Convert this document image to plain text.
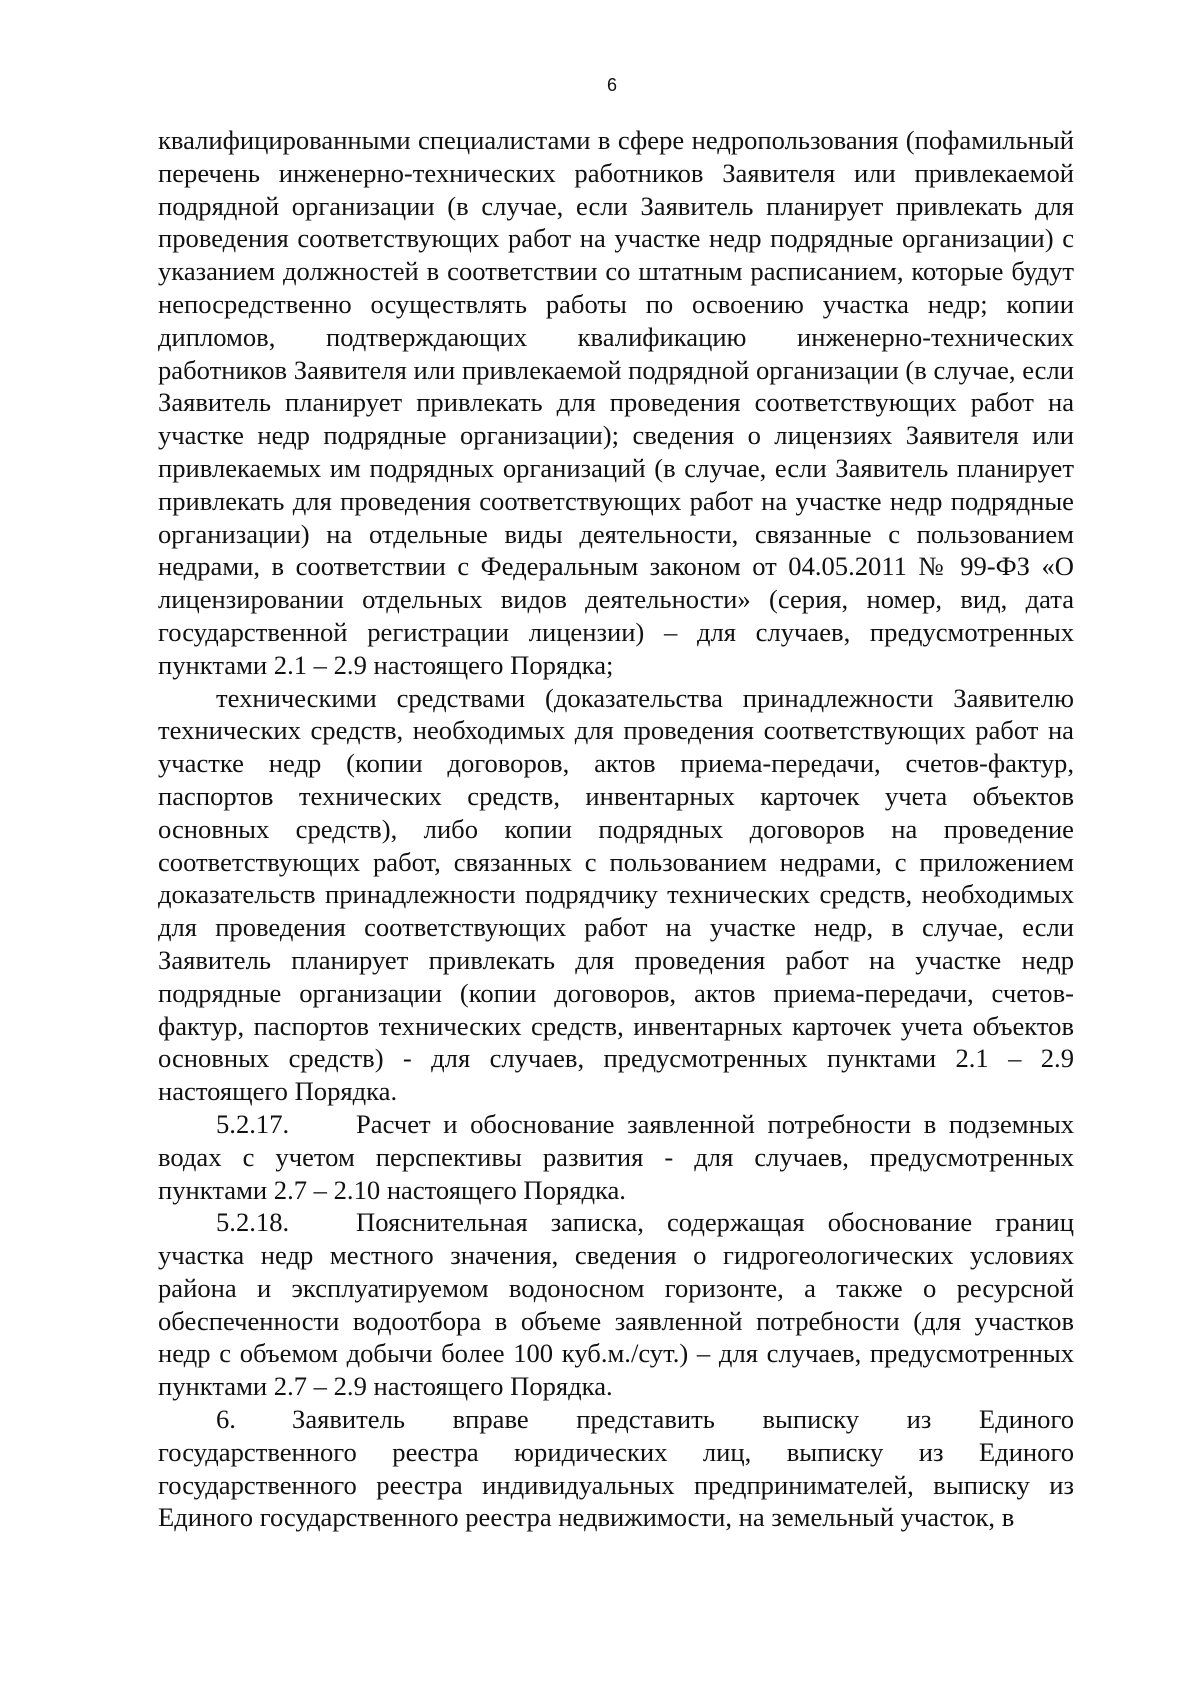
6

квалифицированными специалистами в сфере недропользования (пофамильный перечень инженерно-технических работников Заявителя или привлекаемой подрядной организации (в случае, если Заявитель планирует привлекать для проведения соответствующих работ на участке недр подрядные организации) с указанием должностей в соответствии со штатным расписанием, которые будут непосредственно осуществлять работы по освоению участка недр; копии дипломов, подтверждающих квалификацию инженерно-технических работников Заявителя или привлекаемой подрядной организации (в случае, если Заявитель планирует привлекать для проведения соответствующих работ на участке недр подрядные организации); сведения о лицензиях Заявителя или привлекаемых им подрядных организаций (в случае, если Заявитель планирует привлекать для проведения соответствующих работ на участке недр подрядные организации) на отдельные виды деятельности, связанные с пользованием недрами, в соответствии с Федеральным законом от 04.05.2011 № 99-ФЗ «О лицензировании отдельных видов деятельности» (серия, номер, вид, дата государственной регистрации лицензии) – для случаев, предусмотренных пунктами 2.1 – 2.9 настоящего Порядка;

техническими средствами (доказательства принадлежности Заявителю технических средств, необходимых для проведения соответствующих работ на участке недр (копии договоров, актов приема-передачи, счетов-фактур, паспортов технических средств, инвентарных карточек учета объектов основных средств), либо копии подрядных договоров на проведение соответствующих работ, связанных с пользованием недрами, с приложением доказательств принадлежности подрядчику технических средств, необходимых для проведения соответствующих работ на участке недр, в случае, если Заявитель планирует привлекать для проведения работ на участке недр подрядные организации (копии договоров, актов приема-передачи, счетов-фактур, паспортов технических средств, инвентарных карточек учета объектов основных средств) - для случаев, предусмотренных пунктами 2.1 – 2.9 настоящего Порядка.

5.2.17.	Расчет и обоснование заявленной потребности в подземных водах с учетом перспективы развития - для случаев, предусмотренных пунктами 2.7 – 2.10 настоящего Порядка.

5.2.18.	Пояснительная записка, содержащая обоснование границ участка недр местного значения, сведения о гидрогеологических условиях района и эксплуатируемом водоносном горизонте, а также о ресурсной обеспеченности водоотбора в объеме заявленной потребности (для участков недр с объемом добычи более 100 куб.м./сут.) – для случаев, предусмотренных пунктами 2.7 – 2.9 настоящего Порядка.

6. Заявитель вправе представить выписку из Единого государственного реестра юридических лиц, выписку из Единого государственного реестра индивидуальных предпринимателей, выписку из Единого государственного реестра недвижимости, на земельный участок, в
